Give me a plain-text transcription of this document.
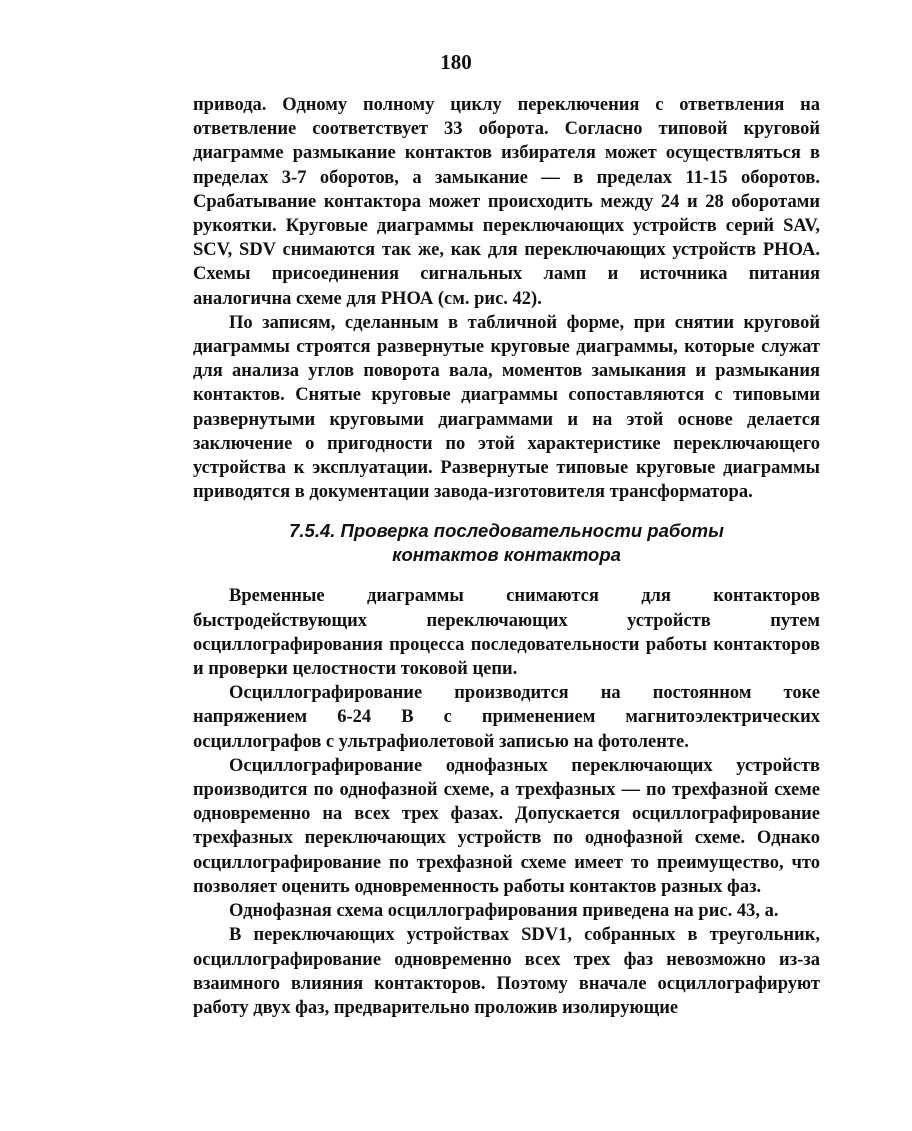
180

привода. Одному полному циклу переключения с ответвления на ответвление соответствует 33 оборота. Согласно типовой круговой диаграмме размыкание контактов избирателя может осуществляться в пределах 3-7 оборотов, а замыкание — в пределах 11-15 оборотов. Срабатывание контактора может происходить между 24 и 28 оборотами рукоятки. Круговые диаграммы переключающих устройств серий SAV, SCV, SDV снимаются так же, как для переключающих устройств РНОА. Схемы присоединения сигнальных ламп и источника питания аналогична схеме для РНОА (см. рис. 42).

По записям, сделанным в табличной форме, при снятии круговой диаграммы строятся развернутые круговые диаграммы, которые служат для анализа углов поворота вала, моментов замыкания и размыкания контактов. Снятые круговые диаграммы сопоставляются с типовыми развернутыми круговыми диаграммами и на этой основе делается заключение о пригодности по этой характеристике переключающего устройства к эксплуатации. Развернутые типовые круговые диаграммы приводятся в документации завода-изготовителя трансформатора.

7.5.4. Проверка последовательности работы
контактов контактора

Временные диаграммы снимаются для контакторов быстродействующих переключающих устройств путем осциллографирования процесса последовательности работы контакторов и проверки целостности токовой цепи.

Осциллографирование производится на постоянном токе напряжением 6-24 В с применением магнитоэлектрических осциллографов с ультрафиолетовой записью на фотоленте.

Осциллографирование однофазных переключающих устройств производится по однофазной схеме, а трехфазных — по трехфазной схеме одновременно на всех трех фазах. Допускается осциллографирование трехфазных переключающих устройств по однофазной схеме. Однако осциллографирование по трехфазной схеме имеет то преимущество, что позволяет оценить одновременность работы контактов разных фаз.

Однофазная схема осциллографирования приведена на рис. 43, а.

В переключающих устройствах SDV1, собранных в треугольник, осциллографирование одновременно всех трех фаз невозможно из-за взаимного влияния контакторов. Поэтому вначале осциллографируют работу двух фаз, предварительно проложив изолирующие
